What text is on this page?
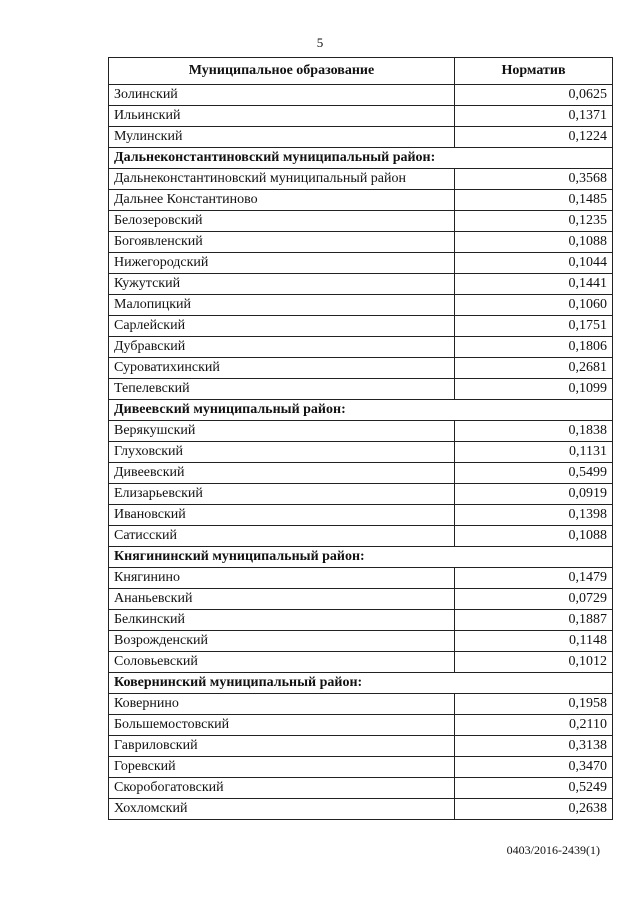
5
Муниципальное образование	Норматив
Золинский	0,0625
Ильинский	0,1371
Мулинский	0,1224
Дальнеконстантиновский муниципальный район:	
Дальнеконстантиновский муниципальный район	0,3568
Дальнее Константиново	0,1485
Белозеровский	0,1235
Богоявленский	0,1088
Нижегородский	0,1044
Кужутский	0,1441
Малопицкий	0,1060
Сарлейский	0,1751
Дубравский	0,1806
Суроватихинский	0,2681
Тепелевский	0,1099
Дивеевский муниципальный район:	
Верякушский	0,1838
Глуховский	0,1131
Дивеевский	0,5499
Елизарьевский	0,0919
Ивановский	0,1398
Сатисский	0,1088
Княгининский муниципальный район:	
Княгинино	0,1479
Ананьевский	0,0729
Белкинский	0,1887
Возрожденский	0,1148
Соловьевский	0,1012
Ковернинский муниципальный район:	
Ковернино	0,1958
Большемостовский	0,2110
Гавриловский	0,3138
Горевский	0,3470
Скоробогатовский	0,5249
Хохломский	0,2638
0403/2016-2439(1)
